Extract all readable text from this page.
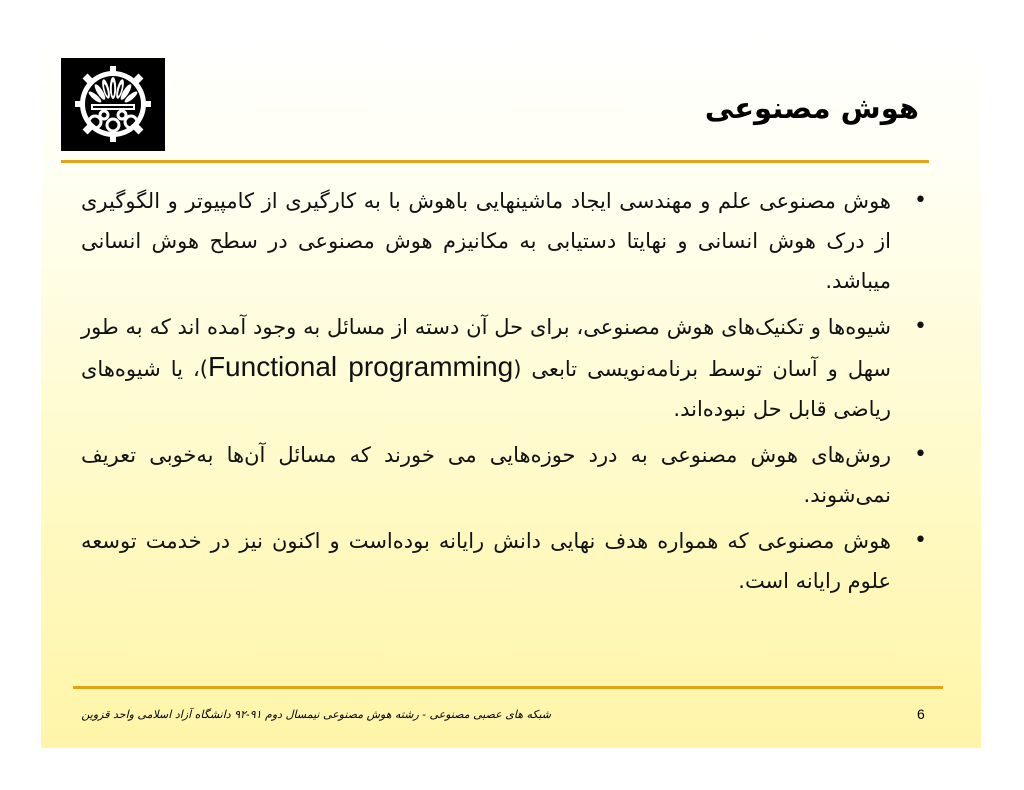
هوش مصنوعی
• هوش مصنوعی علم و مهندسی ایجاد ماشینهایی باهوش با به کارگیری از کامپیوتر و الگوگیری از درک هوش انسانی و نهایتا دستیابی به مکانیزم هوش مصنوعی در سطح هوش انسانی میباشد.
• شیوه‌ها و تکنیک‌های هوش مصنوعی، برای حل آن دسته از مسائل به وجود آمده اند که به طور سهل و آسان توسط برنامه‌نویسی تابعی (Functional programming)، یا شیوه‌های ریاضی قابل حل نبوده‌اند.
• روش‌های هوش مصنوعی به درد حوزه‌هایی می خورند که مسائل آن‌ها به‌خوبی تعریف نمی‌شوند.
• هوش مصنوعی که همواره هدف نهایی دانش رایانه بوده‌است و اکنون نیز در خدمت توسعه علوم رایانه است.
شبکه های عصبی مصنوعی - رشته هوش مصنوعی نیمسال دوم ۹۱-۹۲ دانشگاه آزاد اسلامی واحد قزوین	6
